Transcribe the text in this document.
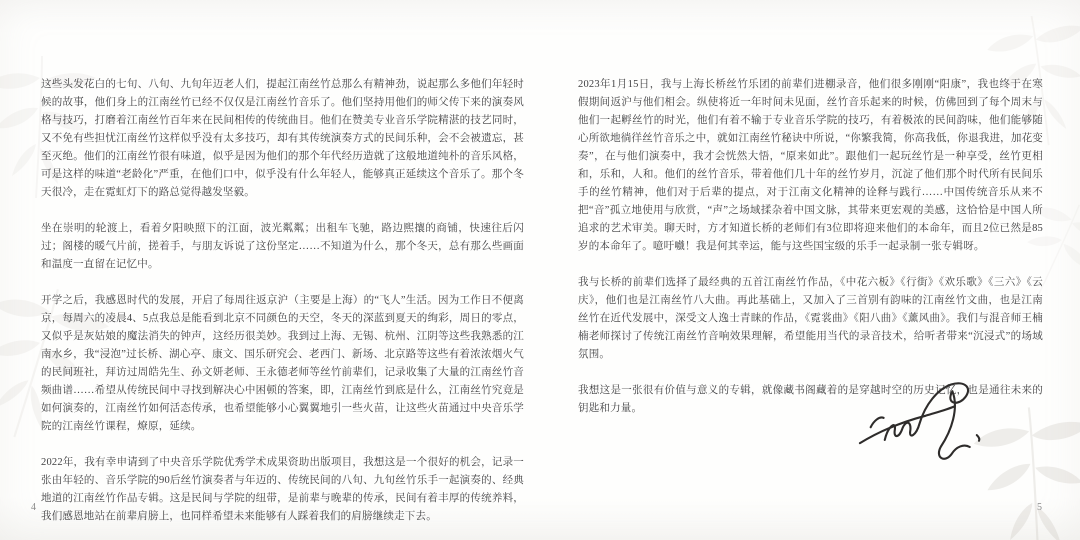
这些头发花白的七旬、八旬、九旬年迈老人们，提起江南丝竹总那么有精神劲，说起那么多他们年轻时候的故事，他们身上的江南丝竹已经不仅仅是江南丝竹音乐了。他们坚持用他们的师父传下来的演奏风格与技巧，打磨着江南丝竹百年来在民间相传的传统曲目。他们在赞美专业音乐学院精湛的技艺同时，又不免有些担忧江南丝竹这样似乎没有太多技巧，却有其传统演奏方式的民间乐种，会不会被遗忘，甚至灭绝。他们的江南丝竹很有味道，似乎是因为他们的那个年代经历造就了这般地道纯朴的音乐风格，可是这样的味道“老龄化”严重，在他们口中，似乎没有什么年轻人，能够真正延续这个音乐了。那个冬天很冷，走在霓虹灯下的路总觉得越发坚毅。

坐在崇明的轮渡上，看着夕阳映照下的江面，波光粼粼；出租车飞驰，路边熙攘的商铺，快速往后闪过；阁楼的暖气片前，搓着手，与朋友诉说了这份坚定……不知道为什么，那个冬天，总有那么些画面和温度一直留在记忆中。

开学之后，我感恩时代的发展，开启了每周往返京沪（主要是上海）的“飞人”生活。因为工作日不便离京，每周六的凌晨4、5点我总是能看到北京不同颜色的天空，冬天的深蓝到夏天的绚彩，周日的零点，又似乎是灰姑娘的魔法消失的钟声，这经历很美妙。我到过上海、无锡、杭州、江阴等这些我熟悉的江南水乡，我“浸泡”过长桥、湖心亭、康文、国乐研究会、老西门、新场、北京路等这些有着浓浓烟火气的民间班社，拜访过周皓先生、孙文妍老师、王永德老师等丝竹前辈们，记录收集了大量的江南丝竹音频曲谱……希望从传统民间中寻找到解决心中困顿的答案，即，江南丝竹到底是什么，江南丝竹究竟是如何演奏的，江南丝竹如何活态传承，也希望能够小心翼翼地引一些火苗，让这些火苗通过中央音乐学院的江南丝竹课程，燎原，延续。

2022年，我有幸申请到了中央音乐学院优秀学术成果资助出版项目，我想这是一个很好的机会，记录一张由年轻的、音乐学院的90后丝竹演奏者与年迈的、传统民间的八旬、九旬丝竹乐手一起演奏的、经典地道的江南丝竹作品专辑。这是民间与学院的纽带，是前辈与晚辈的传承，民间有着丰厚的传统养料，我们感恩地站在前辈肩膀上，也同样希望未来能够有人踩着我们的肩膀继续走下去。

4

2023年1月15日，我与上海长桥丝竹乐团的前辈们进棚录音，他们很多刚刚“阳康”，我也终于在寒假期间返沪与他们相会。纵使将近一年时间未见面，丝竹音乐起来的时候，仿佛回到了每个周末与他们一起孵丝竹的时光，他们有着不输于专业音乐学院的技巧，有着极浓的民间韵味，他们能够随心所欲地徜徉丝竹音乐之中，就如江南丝竹秘诀中所说，“你繁我简，你高我低，你退我进，加花变奏”，在与他们演奏中，我才会恍然大悟，“原来如此”。跟他们一起玩丝竹是一种享受，丝竹更相和，乐和，人和。他们的丝竹音乐，带着他们几十年的丝竹岁月，沉淀了他们那个时代所有民间乐手的丝竹精神，他们对于后辈的提点，对于江南文化精神的诠释与践行……中国传统音乐从来不把“音”孤立地使用与欣赏，“声”之场域揉杂着中国文脉，其带来更宏观的美感，这恰恰是中国人所追求的艺术审美。聊天时，方才知道长桥的老师们有3位即将迎来他们的本命年，而且2位已然是85岁的本命年了。噫吁嚱！我是何其幸运，能与这些国宝级的乐手一起录制一张专辑呀。

我与长桥的前辈们选择了最经典的五首江南丝竹作品，《中花六板》《行街》《欢乐歌》《三六》《云庆》，他们也是江南丝竹八大曲。再此基础上，又加入了三首别有韵味的江南丝竹文曲，也是江南丝竹在近代发展中，深受文人逸士青睐的作品，《霓裳曲》《阳八曲》《薰风曲》。我们与混音师王楠楠老师探讨了传统江南丝竹音响效果理解，希望能用当代的录音技术，给听者带来“沉浸式”的场域氛围。

我想这是一张很有价值与意义的专辑，就像藏书阁藏着的是穿越时空的历史记忆，也是通往未来的钥匙和力量。

5
